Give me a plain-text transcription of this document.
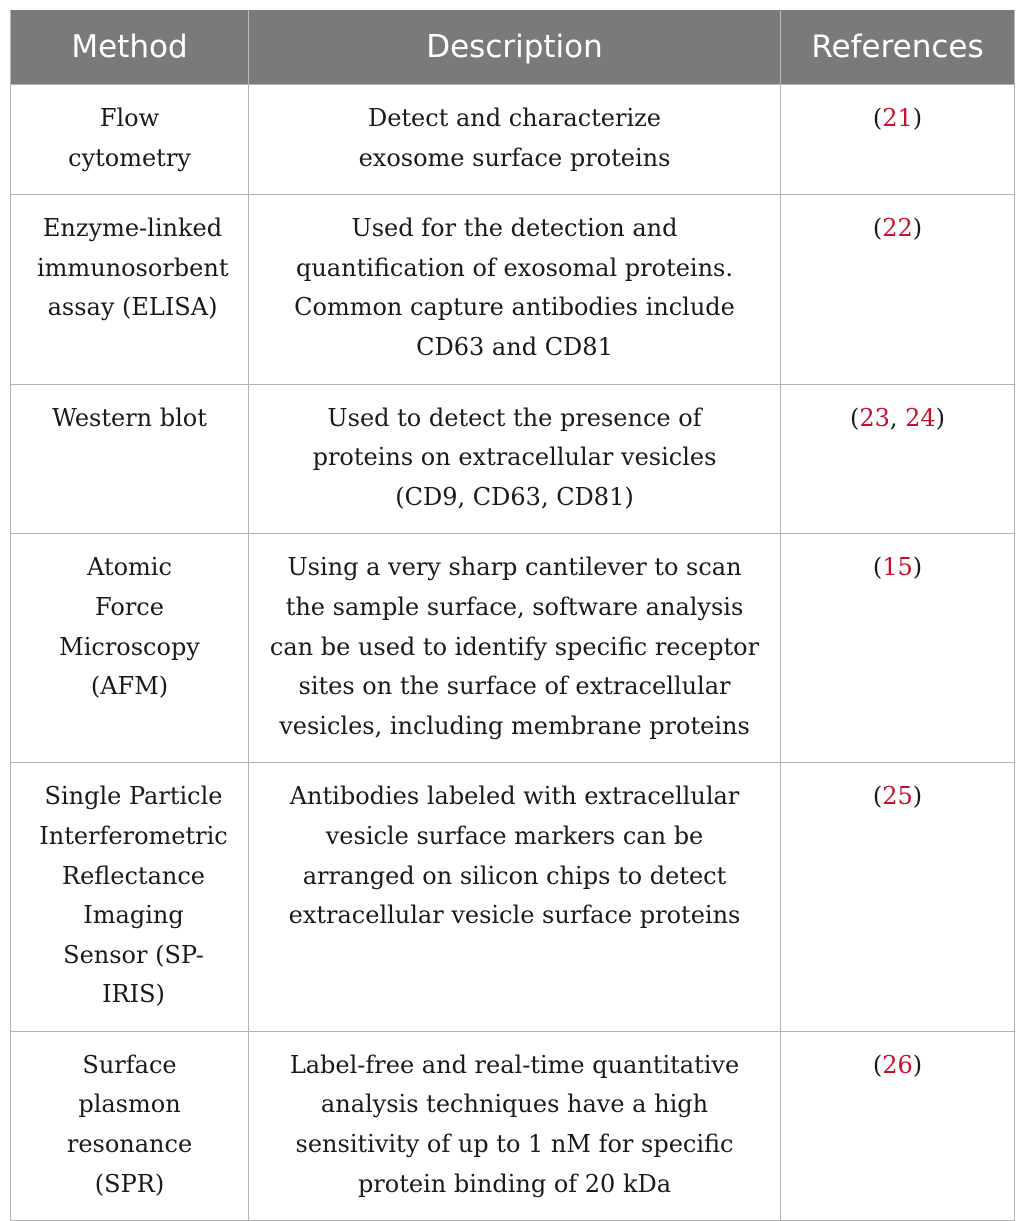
Method	Description	References
Flow cytometry	Detect and characterize exosome surface proteins	(21)
Enzyme-linked immunosorbent assay (ELISA)	Used for the detection and quantification of exosomal proteins. Common capture antibodies include CD63 and CD81	(22)
Western blot	Used to detect the presence of proteins on extracellular vesicles (CD9, CD63, CD81)	(23, 24)
Atomic Force Microscopy (AFM)	Using a very sharp cantilever to scan the sample surface, software analysis can be used to identify specific receptor sites on the surface of extracellular vesicles, including membrane proteins	(15)
Single Particle Interferometric Reflectance Imaging Sensor (SP-IRIS)	Antibodies labeled with extracellular vesicle surface markers can be arranged on silicon chips to detect extracellular vesicle surface proteins	(25)
Surface plasmon resonance (SPR)	Label-free and real-time quantitative analysis techniques have a high sensitivity of up to 1 nM for specific protein binding of 20 kDa	(26)
